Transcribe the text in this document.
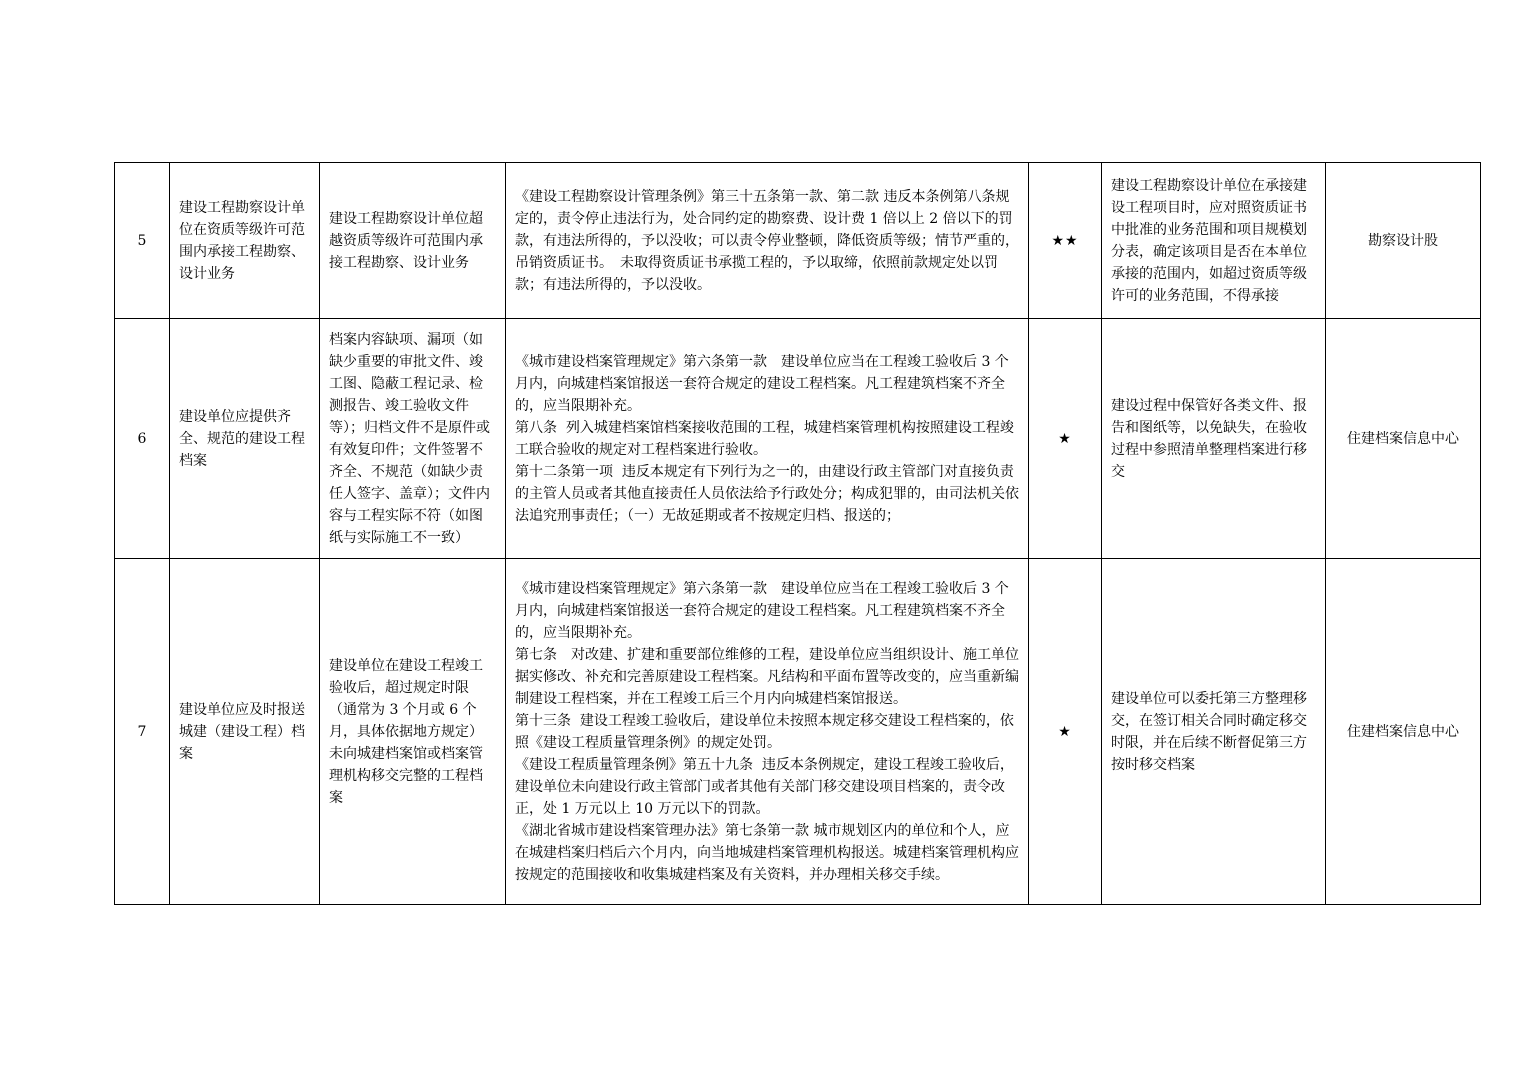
5	建设工程勘察设计单位在资质等级许可范围内承接工程勘察、设计业务	建设工程勘察设计单位超越资质等级许可范围内承接工程勘察、设计业务	《建设工程勘察设计管理条例》第三十五条第一款、第二款 违反本条例第八条规定的，责令停止违法行为，处合同约定的勘察费、设计费 1 倍以上 2 倍以下的罚款，有违法所得的，予以没收；可以责令停业整顿，降低资质等级；情节严重的，吊销资质证书。　未取得资质证书承揽工程的，予以取缔，依照前款规定处以罚款；有违法所得的，予以没收。	★★	建设工程勘察设计单位在承接建设工程项目时，应对照资质证书中批准的业务范围和项目规模划分表，确定该项目是否在本单位承接的范围内，如超过资质等级许可的业务范围，不得承接	勘察设计股
6	建设单位应提供齐全、规范的建设工程档案	档案内容缺项、漏项（如缺少重要的审批文件、竣工图、隐蔽工程记录、检测报告、竣工验收文件等）；归档文件不是原件或有效复印件；文件签署不齐全、不规范（如缺少责任人签字、盖章）；文件内容与工程实际不符（如图纸与实际施工不一致）	《城市建设档案管理规定》第六条第一款　建设单位应当在工程竣工验收后 3 个月内，向城建档案馆报送一套符合规定的建设工程档案。凡工程建筑档案不齐全的，应当限期补充。
第八条  列入城建档案馆档案接收范围的工程，城建档案管理机构按照建设工程竣工联合验收的规定对工程档案进行验收。
第十二条第一项  违反本规定有下列行为之一的，由建设行政主管部门对直接负责的主管人员或者其他直接责任人员依法给予行政处分；构成犯罪的，由司法机关依法追究刑事责任；（一）无故延期或者不按规定归档、报送的；	★	建设过程中保管好各类文件、报告和图纸等，以免缺失，在验收过程中参照清单整理档案进行移交	住建档案信息中心
7	建设单位应及时报送城建（建设工程）档案	建设单位在建设工程竣工验收后，超过规定时限（通常为 3 个月或 6 个月，具体依据地方规定）未向城建档案馆或档案管理机构移交完整的工程档案	《城市建设档案管理规定》第六条第一款　建设单位应当在工程竣工验收后 3 个月内，向城建档案馆报送一套符合规定的建设工程档案。凡工程建筑档案不齐全的，应当限期补充。
第七条　对改建、扩建和重要部位维修的工程，建设单位应当组织设计、施工单位据实修改、补充和完善原建设工程档案。凡结构和平面布置等改变的，应当重新编制建设工程档案，并在工程竣工后三个月内向城建档案馆报送。
第十三条  建设工程竣工验收后，建设单位未按照本规定移交建设工程档案的，依照《建设工程质量管理条例》的规定处罚。
《建设工程质量管理条例》第五十九条  违反本条例规定，建设工程竣工验收后，建设单位未向建设行政主管部门或者其他有关部门移交建设项目档案的，责令改正，处 1 万元以上 10 万元以下的罚款。
《湖北省城市建设档案管理办法》第七条第一款 城市规划区内的单位和个人，应在城建档案归档后六个月内，向当地城建档案管理机构报送。城建档案管理机构应按规定的范围接收和收集城建档案及有关资料，并办理相关移交手续。	★	建设单位可以委托第三方整理移交，在签订相关合同时确定移交时限，并在后续不断督促第三方按时移交档案	住建档案信息中心
